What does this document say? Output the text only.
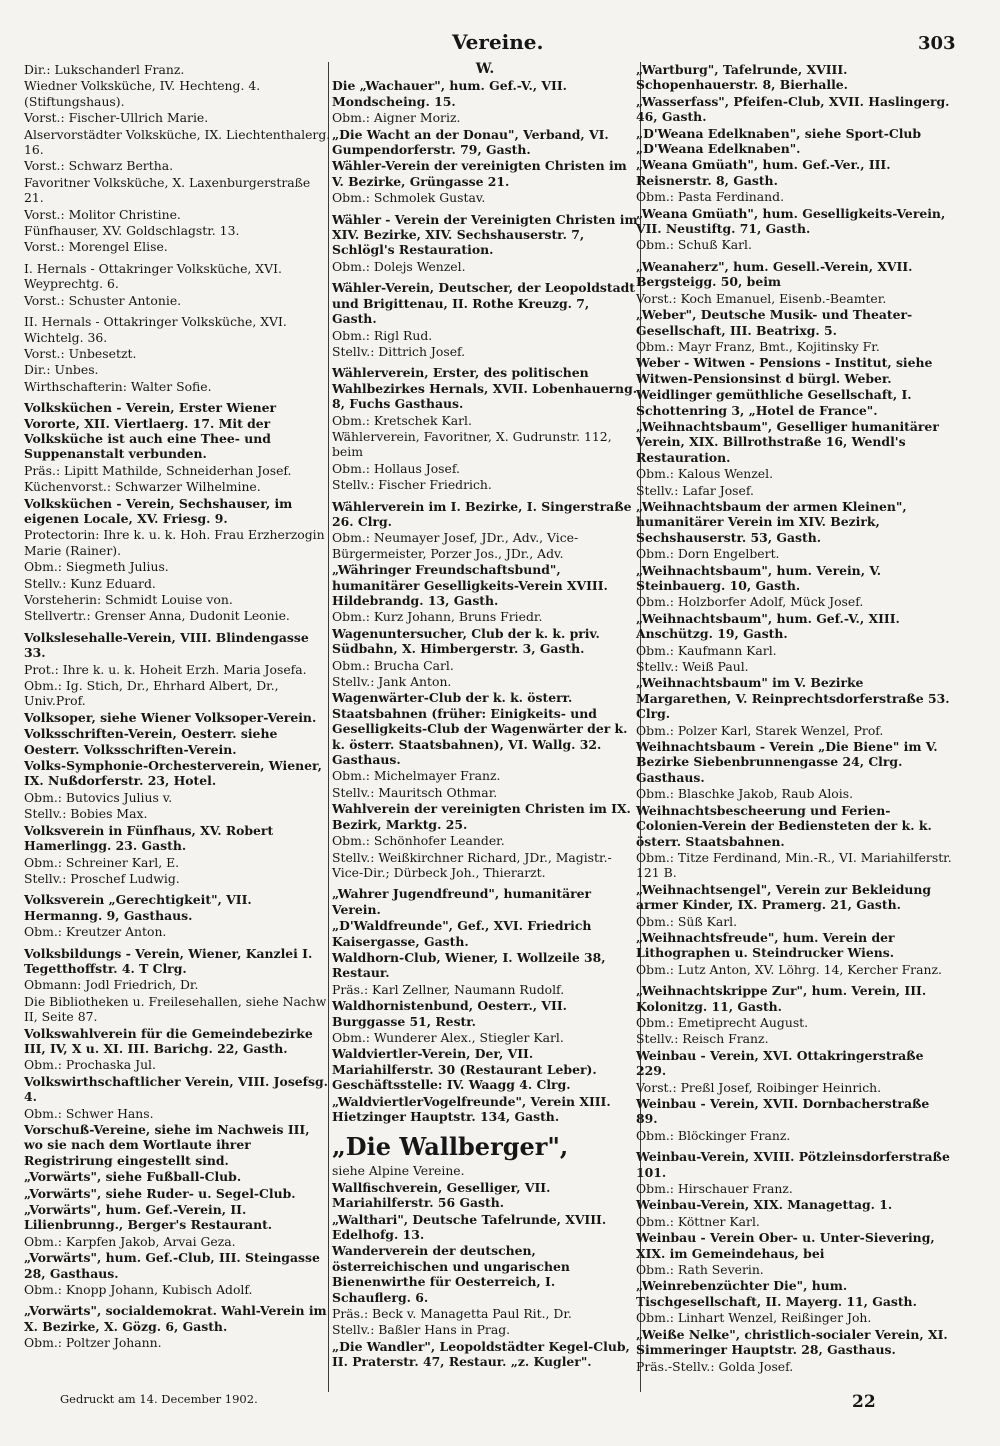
Vereine.	303
Dir.: Lukschanderl Franz.
Wiedner Volksküche, IV. Hechteng. 4. (Stiftungshaus).
Vorst.: Fischer-Ullrich Marie.
Alservorstädter Volksküche, IX. Liechtenthalerg. 16.
Vorst.: Schwarz Bertha.
Favoritner Volksküche, X. Laxenburgerstraße 21.
Vorst.: Molitor Christine.
Fünfhauser, XV. Goldschlagstr. 13.
Vorst.: Morengel Elise.
I. Hernals - Ottakringer Volksküche, XVI. Weyprechtg. 6.
Vorst.: Schuster Antonie.
II. Hernals - Ottakringer Volksküche, XVI. Wichtelg. 36.
Vorst.: Unbesetzt.
Dir.: Unbes.
Wirthschafterin: Walter Sofie.
Volksküchen - Verein, Erster Wiener Vororte, XII. Viertlaerg. 17. Mit der Volksküche ist auch eine Thee- und Suppenanstalt verbunden.
Präs.: Lipitt Mathilde, Schneiderhan Josef.
Küchenvorst.: Schwarzer Wilhelmine.
Volksküchen - Verein, Sechshauser, im eigenen Locale, XV. Friesg. 9.
Protectorin: Ihre k. u. k. Hoh. Frau Erzherzogin Marie (Rainer).
Obm.: Siegmeth Julius.
Stellv.: Kunz Eduard.
Vorsteherin: Schmidt Louise von.
Stellvertr.: Grenser Anna, Dudonit Leonie.
Volkslesehalle-Verein, VIII. Blindengasse 33.
Prot.: Ihre k. u. k. Hoheit Erzh. Maria Josefa.
Obm.: Ig. Stich, Dr., Ehrhard Albert, Dr., Univ.Prof.
Volksoper, siehe Wiener Volksoper-Verein.
Volksschriften-Verein, Oesterr. siehe Oesterr. Volksschriften-Verein.
Volks-Symphonie-Orchesterverein, Wiener, IX. Nußdorferstr. 23, Hotel.
Obm.: Butovics Julius v.
Stellv.: Bobies Max.
Volksverein in Fünfhaus, XV. Robert Hamerlingg. 23. Gasth.
Obm.: Schreiner Karl, E.
Stellv.: Proschef Ludwig.
Volksverein „Gerechtigkeit", VII. Hermanng. 9, Gasthaus.
Obm.: Kreutzer Anton.
Volksbildungs - Verein, Wiener, Kanzlei I. Tegetthoffstr. 4. T Clrg.
Obmann: Jodl Friedrich, Dr.
Die Bibliotheken u. Freilesehallen, siehe Nachw II, Seite 87.
Volkswahlverein für die Gemeindebezirke III, IV, X u. XI. III. Barichg. 22, Gasth.
Obm.: Prochaska Jul.
Volkswirthschaftlicher Verein, VIII. Josefsg. 4.
Obm.: Schwer Hans.
Vorschuß-Vereine, siehe im Nachweis III, wo sie nach dem Wortlaute ihrer Registrirung eingestellt sind.
„Vorwärts", siehe Fußball-Club.
„Vorwärts", siehe Ruder- u. Segel-Club.
„Vorwärts", hum. Gef.-Verein, II. Lilienbrunng., Berger's Restaurant.
Obm.: Karpfen Jakob, Arvai Geza.
„Vorwärts", hum. Gef.-Club, III. Steingasse 28, Gasthaus.
Obm.: Knopp Johann, Kubisch Adolf.
„Vorwärts", socialdemokrat. Wahl-Verein im X. Bezirke, X. Gözg. 6, Gasth.
Obm.: Poltzer Johann.
W.
Die „Wachauer", hum. Gef.-V., VII. Mondscheing. 15.
Obm.: Aigner Moriz.
„Die Wacht an der Donau", Verband, VI. Gumpendorferstr. 79, Gasth.
Wähler-Verein der vereinigten Christen im V. Bezirke, Grüngasse 21.
Obm.: Schmolek Gustav.
Wähler - Verein der Vereinigten Christen im XIV. Bezirke, XIV. Sechshauserstr. 7, Schlögl's Restauration.
Obm.: Dolejs Wenzel.
Wähler-Verein, Deutscher, der Leopoldstadt und Brigittenau, II. Rothe Kreuzg. 7, Gasth.
Obm.: Rigl Rud.
Stellv.: Dittrich Josef.
Wählerverein, Erster, des politischen Wahlbezirkes Hernals, XVII. Lobenhauerng. 8, Fuchs Gasthaus.
Obm.: Kretschek Karl.
Wählerverein, Favoritner, X. Gudrunstr. 112, beim
Obm.: Hollaus Josef.
Stellv.: Fischer Friedrich.
Wählerverein im I. Bezirke, I. Singerstraße 26. Clrg.
Obm.: Neumayer Josef, JDr., Adv., Vice-Bürgermeister, Porzer Jos., JDr., Adv.
„Währinger Freundschaftsbund", humanitärer Geselligkeits-Verein XVIII. Hildebrandg. 13, Gasth.
Obm.: Kurz Johann, Bruns Friedr.
Wagenuntersucher, Club der k. k. priv. Südbahn, X. Himbergerstr. 3, Gasth.
Obm.: Brucha Carl.
Stellv.: Jank Anton.
Wagenwärter-Club der k. k. österr. Staatsbahnen (früher: Einigkeits- und Geselligkeits-Club der Wagenwärter der k. k. österr. Staatsbahnen), VI. Wallg. 32. Gasthaus.
Obm.: Michelmayer Franz.
Stellv.: Mauritsch Othmar.
Wahlverein der vereinigten Christen im IX. Bezirk, Marktg. 25.
Obm.: Schönhofer Leander.
Stellv.: Weißkirchner Richard, JDr., Magistr.-Vice-Dir.; Dürbeck Joh., Thierarzt.
„Wahrer Jugendfreund", humanitärer Verein.
„D'Waldfreunde", Gef., XVI. Friedrich Kaisergasse, Gasth.
Waldhorn-Club, Wiener, I. Wollzeile 38, Restaur.
Präs.: Karl Zellner, Naumann Rudolf.
Waldhornistenbund, Oesterr., VII. Burggasse 51, Restr.
Obm.: Wunderer Alex., Stiegler Karl.
Waldviertler-Verein, Der, VII. Mariahilferstr. 30 (Restaurant Leber). Geschäftsstelle: IV. Waagg 4. Clrg.
„WaldviertlerVogelfreunde", Verein XIII. Hietzinger Hauptstr. 134, Gasth.
„Die Wallberger",
siehe Alpine Vereine.
Wallfischverein, Geselliger, VII. Mariahilferstr. 56 Gasth.
„Walthari", Deutsche Tafelrunde, XVIII. Edelhofg. 13.
Wanderverein der deutschen, österreichischen und ungarischen Bienenwirthe für Oesterreich, I. Schauflerg. 6.
Präs.: Beck v. Managetta Paul Rit., Dr.
Stellv.: Baßler Hans in Prag.
„Die Wandler", Leopoldstädter Kegel-Club, II. Praterstr. 47, Restaur. „z. Kugler".
„Wartburg", Tafelrunde, XVIII. Schopenhauerstr. 8, Bierhalle.
„Wasserfass", Pfeifen-Club, XVII. Haslingerg. 46, Gasth.
„D'Weana Edelknaben", siehe Sport-Club „D'Weana Edelknaben".
„Weana Gmüath", hum. Gef.-Ver., III. Reisnerstr. 8, Gasth.
Obm.: Pasta Ferdinand.
„Weana Gmüath", hum. Geselligkeits-Verein, VII. Neustiftg. 71, Gasth.
Obm.: Schuß Karl.
„Weanaherz", hum. Gesell.-Verein, XVII. Bergsteigg. 50, beim
Vorst.: Koch Emanuel, Eisenb.-Beamter.
„Weber", Deutsche Musik- und Theater-Gesellschaft, III. Beatrixg. 5.
Obm.: Mayr Franz, Bmt., Kojitinsky Fr.
Weber - Witwen - Pensions - Institut, siehe Witwen-Pensionsinst d bürgl. Weber.
Weidlinger gemüthliche Gesellschaft, I. Schottenring 3, „Hotel de France".
„Weihnachtsbaum", Geselliger humanitärer Verein, XIX. Billrothstraße 16, Wendl's Restauration.
Obm.: Kalous Wenzel.
Stellv.: Lafar Josef.
„Weihnachtsbaum der armen Kleinen", humanitärer Verein im XIV. Bezirk, Sechshauserstr. 53, Gasth.
Obm.: Dorn Engelbert.
„Weihnachtsbaum", hum. Verein, V. Steinbauerg. 10, Gasth.
Obm.: Holzborfer Adolf, Mück Josef.
„Weihnachtsbaum", hum. Gef.-V., XIII. Anschützg. 19, Gasth.
Obm.: Kaufmann Karl.
Stellv.: Weiß Paul.
„Weihnachtsbaum" im V. Bezirke Margarethen, V. Reinprechtsdorferstraße 53. Clrg.
Obm.: Polzer Karl, Starek Wenzel, Prof.
Weihnachtsbaum - Verein „Die Biene" im V. Bezirke Siebenbrunnengasse 24, Clrg. Gasthaus.
Obm.: Blaschke Jakob, Raub Alois.
Weihnachtsbescheerung und Ferien-Colonien-Verein der Bediensteten der k. k. österr. Staatsbahnen.
Obm.: Titze Ferdinand, Min.-R., VI. Mariahilferstr. 121 B.
„Weihnachtsengel", Verein zur Bekleidung armer Kinder, IX. Pramerg. 21, Gasth.
Obm.: Süß Karl.
„Weihnachtsfreude", hum. Verein der Lithographen u. Steindrucker Wiens.
Obm.: Lutz Anton, XV. Löhrg. 14, Kercher Franz.
„Weihnachtskrippe Zur", hum. Verein, III. Kolonitzg. 11, Gasth.
Obm.: Emetiprecht August.
Stellv.: Reisch Franz.
Weinbau - Verein, XVI. Ottakringerstraße 229.
Vorst.: Preßl Josef, Roibinger Heinrich.
Weinbau - Verein, XVII. Dornbacherstraße 89.
Obm.: Blöckinger Franz.
Weinbau-Verein, XVIII. Pötzleinsdorferstraße 101.
Obm.: Hirschauer Franz.
Weinbau-Verein, XIX. Managettag. 1.
Obm.: Köttner Karl.
Weinbau - Verein Ober- u. Unter-Sievering, XIX. im Gemeindehaus, bei
Obm.: Rath Severin.
„Weinrebenzüchter Die", hum. Tischgesellschaft, II. Mayerg. 11, Gasth.
Obm.: Linhart Wenzel, Reißinger Joh.
„Weiße Nelke", christlich-socialer Verein, XI. Simmeringer Hauptstr. 28, Gasthaus.
Präs.-Stellv.: Golda Josef.
Gedruckt am 14. December 1902.	22
